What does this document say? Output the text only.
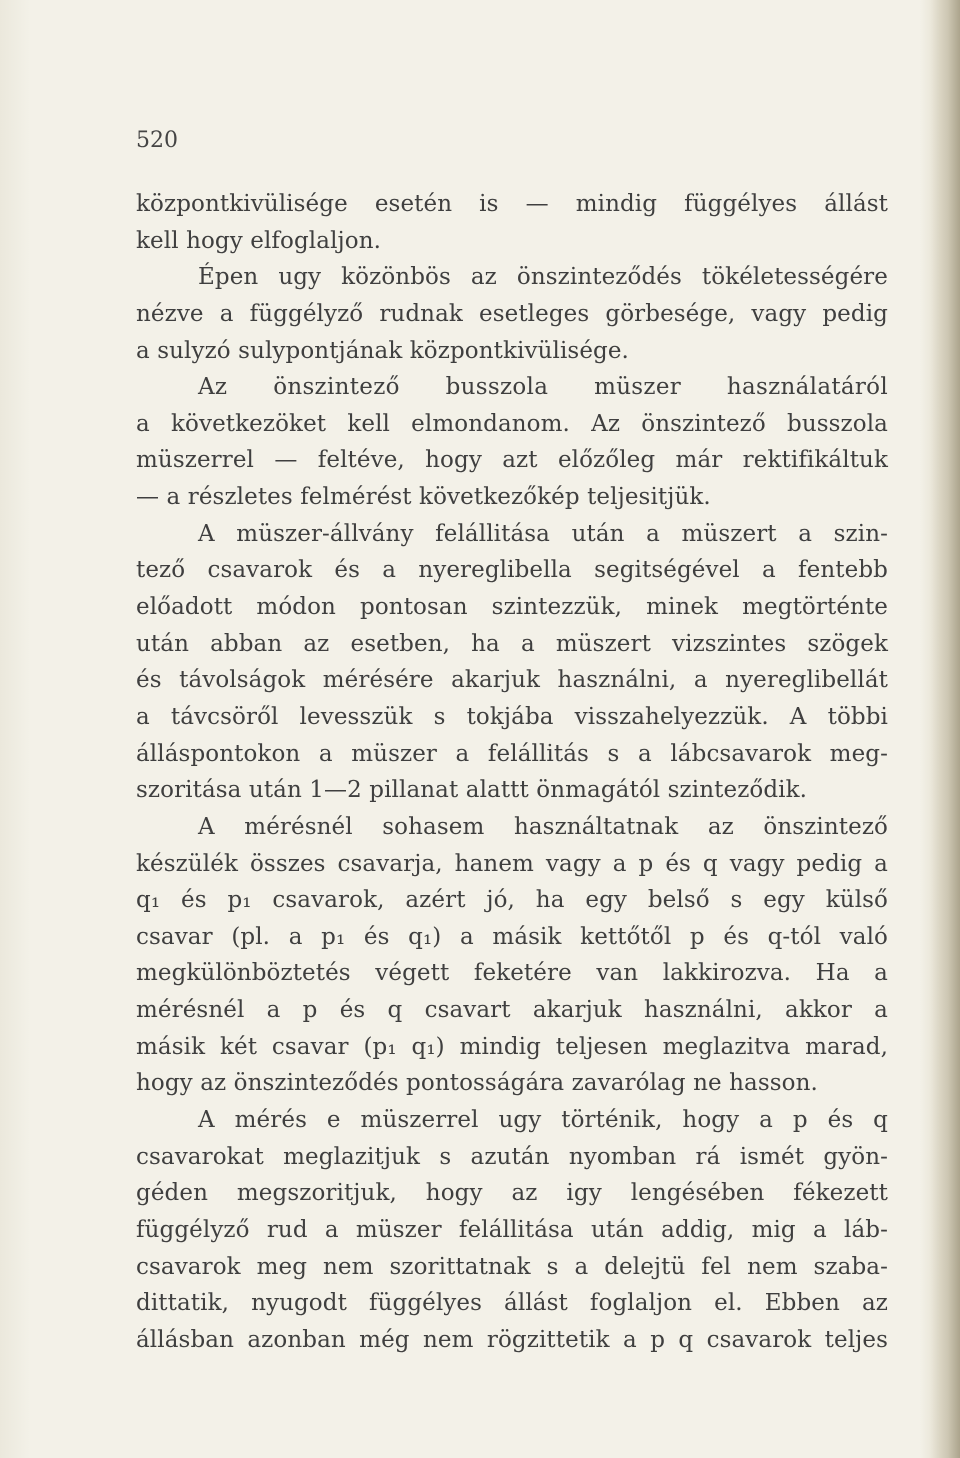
520
központkivülisége esetén is — mindig függélyes állást
kell hogy elfoglaljon.
Épen ugy közönbös az önszinteződés tökéletességére
nézve a függélyző rudnak esetleges görbesége, vagy pedig
a sulyzó sulypontjának központkivülisége.
Az önszintező busszola müszer használatáról
a következöket kell elmondanom. Az önszintező busszola
müszerrel — feltéve, hogy azt előzőleg már rektifikáltuk
— a részletes felmérést következőkép teljesitjük.
A müszer-állvány felállitása után a müszert a szin-
tező csavarok és a nyereglibella segitségével a fentebb
előadott módon pontosan szintezzük, minek megtörténte
után abban az esetben, ha a müszert vizszintes szögek
és távolságok mérésére akarjuk használni, a nyereglibellát
a távcsöről levesszük s tokjába visszahelyezzük. A többi
álláspontokon a müszer a felállitás s a lábcsavarok meg-
szoritása után 1—2 pillanat alattt önmagától szinteződik.
A mérésnél sohasem használtatnak az önszintező
készülék összes csavarja, hanem vagy a p és q vagy pedig a
q₁ és p₁ csavarok, azért jó, ha egy belső s egy külső
csavar (pl. a p₁ és q₁) a másik kettőtől p és q-tól való
megkülönböztetés végett feketére van lakkirozva. Ha a
mérésnél a p és q csavart akarjuk használni, akkor a
másik két csavar (p₁ q₁) mindig teljesen meglazitva marad,
hogy az önszinteződés pontosságára zavarólag ne hasson.
A mérés e müszerrel ugy történik, hogy a p és q
csavarokat meglazitjuk s azután nyomban rá ismét gyön-
géden megszoritjuk, hogy az igy lengésében fékezett
függélyző rud a müszer felállitása után addig, mig a láb-
csavarok meg nem szorittatnak s a delejtü fel nem szaba-
dittatik, nyugodt függélyes állást foglaljon el. Ebben az
állásban azonban még nem rögzittetik a p q csavarok teljes
